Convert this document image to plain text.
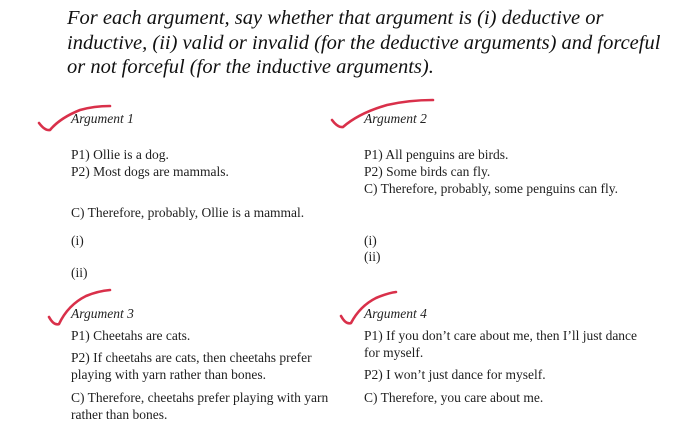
For each argument, say whether that argument is (i) deductive or inductive, (ii) valid or invalid (for the deductive arguments) and forceful or not forceful (for the inductive arguments).

Argument 1

P1) Ollie is a dog.

P2) Most dogs are mammals.

C) Therefore, probably, Ollie is a mammal.

(i)

(ii)

Argument 2

P1) All penguins are birds.

P2) Some birds can fly.

C) Therefore, probably, some penguins can fly.

(i)

(ii)

Argument 3

P1) Cheetahs are cats.

P2) If cheetahs are cats, then cheetahs prefer playing with yarn rather than bones.

C) Therefore, cheetahs prefer playing with yarn rather than bones.

Argument 4

P1) If you don’t care about me, then I’ll just dance for myself.

P2) I won’t just dance for myself.

C) Therefore, you care about me.
